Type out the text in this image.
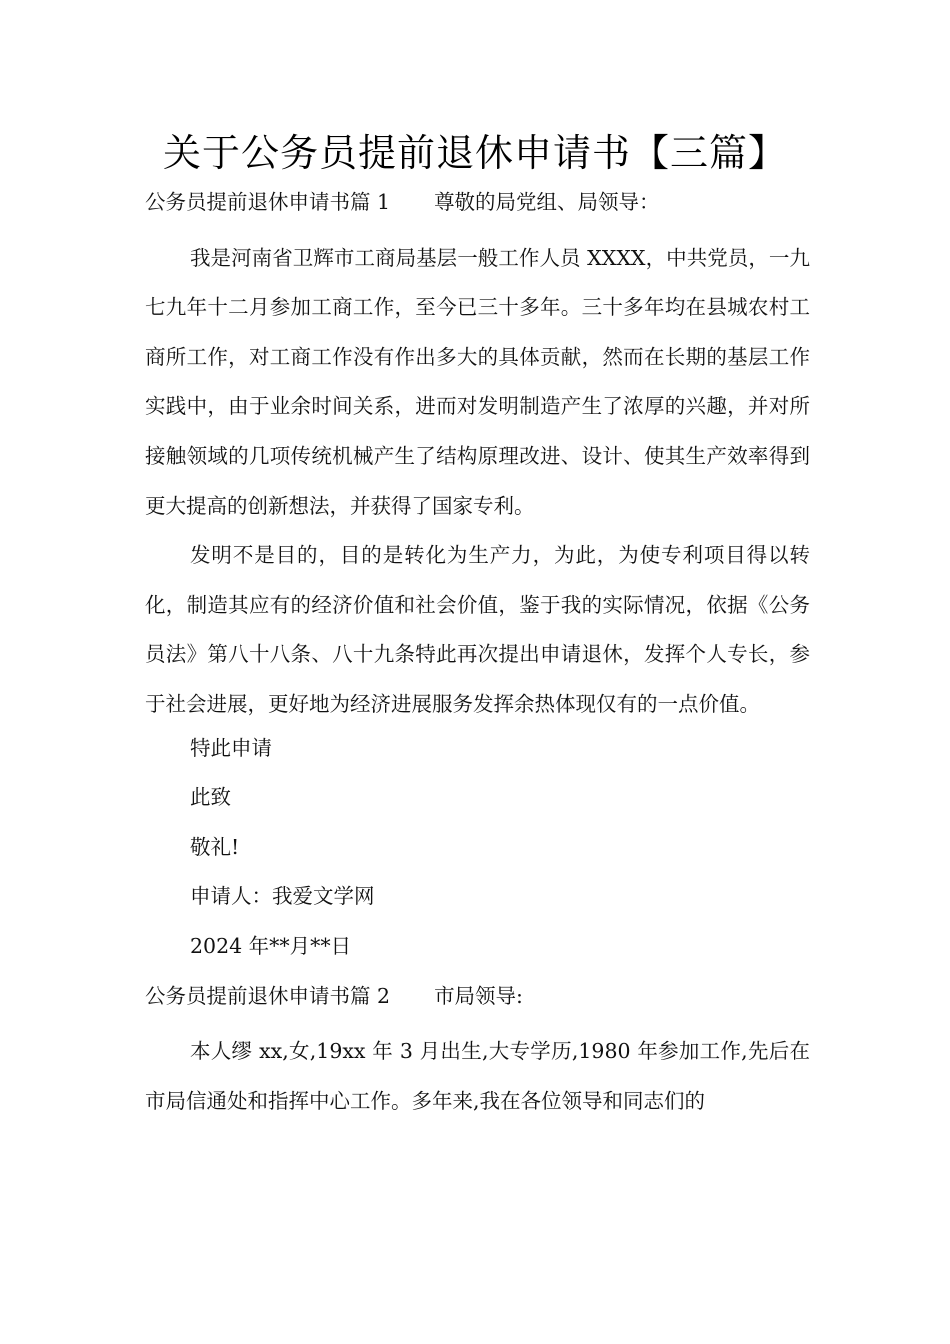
关于公务员提前退休申请书【三篇】
公务员提前退休申请书篇 1 尊敬的局党组、局领导：

我是河南省卫辉市工商局基层一般工作人员 XXXX，中共党员，一九七九年十二月参加工商工作，至今已三十多年。三十多年均在县城农村工商所工作，对工商工作没有作出多大的具体贡献，然而在长期的基层工作实践中，由于业余时间关系，进而对发明制造产生了浓厚的兴趣，并对所接触领域的几项传统机械产生了结构原理改进、设计、使其生产效率得到更大提高的创新想法，并获得了国家专利。

发明不是目的，目的是转化为生产力，为此，为使专利项目得以转化，制造其应有的经济价值和社会价值，鉴于我的实际情况，依据《公务员法》第八十八条、八十九条特此再次提出申请退休，发挥个人专长，参于社会进展，更好地为经济进展服务发挥余热体现仅有的一点价值。

特此申请
此致
敬礼!
申请人：我爱文学网
2024 年**月**日
公务员提前退休申请书篇 2 市局领导:

本人缪 xx,女,19xx 年 3 月出生,大专学历,1980 年参加工作,先后在市局信通处和指挥中心工作。多年来,我在各位领导和同志们的
